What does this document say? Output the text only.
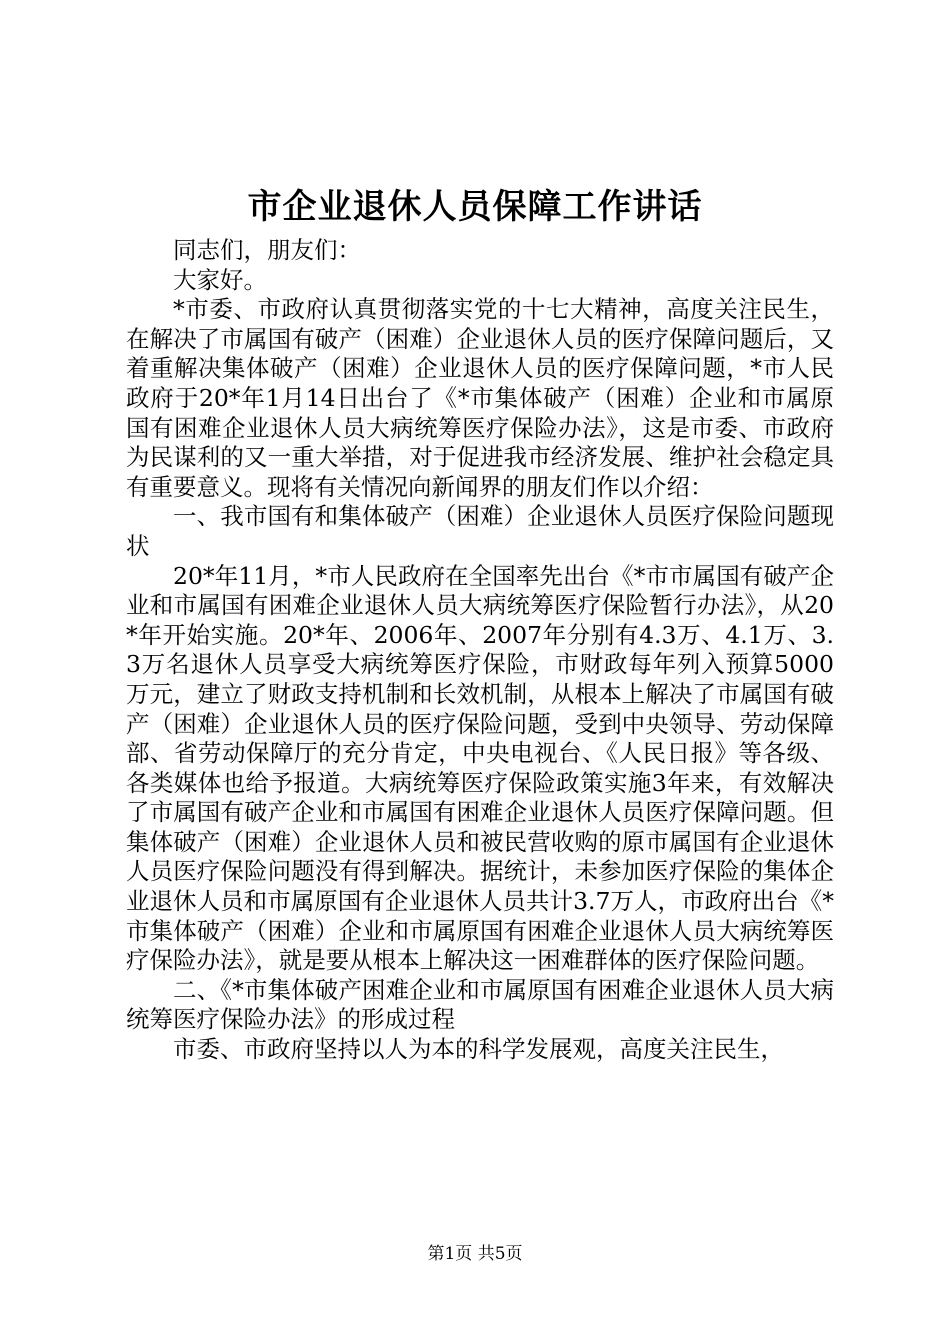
市企业退休人员保障工作讲话

同志们，朋友们：

大家好。

*市委、市政府认真贯彻落实党的十七大精神，高度关注民生，在解决了市属国有破产（困难）企业退休人员的医疗保障问题后，又着重解决集体破产（困难）企业退休人员的医疗保障问题，*市人民政府于20*年1月14日出台了《*市集体破产（困难）企业和市属原国有困难企业退休人员大病统筹医疗保险办法》，这是市委、市政府为民谋利的又一重大举措，对于促进我市经济发展、维护社会稳定具有重要意义。现将有关情况向新闻界的朋友们作以介绍：

一、我市国有和集体破产（困难）企业退休人员医疗保险问题现状

20*年11月，*市人民政府在全国率先出台《*市市属国有破产企业和市属国有困难企业退休人员大病统筹医疗保险暂行办法》，从20*年开始实施。20*年、2006年、2007年分别有4.3万、4.1万、3.3万名退休人员享受大病统筹医疗保险，市财政每年列入预算5000万元，建立了财政支持机制和长效机制，从根本上解决了市属国有破产（困难）企业退休人员的医疗保险问题，受到中央领导、劳动保障部、省劳动保障厅的充分肯定，中央电视台、《人民日报》等各级、各类媒体也给予报道。大病统筹医疗保险政策实施3年来，有效解决了市属国有破产企业和市属国有困难企业退休人员医疗保障问题。但集体破产（困难）企业退休人员和被民营收购的原市属国有企业退休人员医疗保险问题没有得到解决。据统计，未参加医疗保险的集体企业退休人员和市属原国有企业退休人员共计3.7万人，市政府出台《*市集体破产（困难）企业和市属原国有困难企业退休人员大病统筹医疗保险办法》，就是要从根本上解决这一困难群体的医疗保险问题。

二、《*市集体破产困难企业和市属原国有困难企业退休人员大病统筹医疗保险办法》的形成过程

市委、市政府坚持以人为本的科学发展观，高度关注民生，

第1页 共5页
